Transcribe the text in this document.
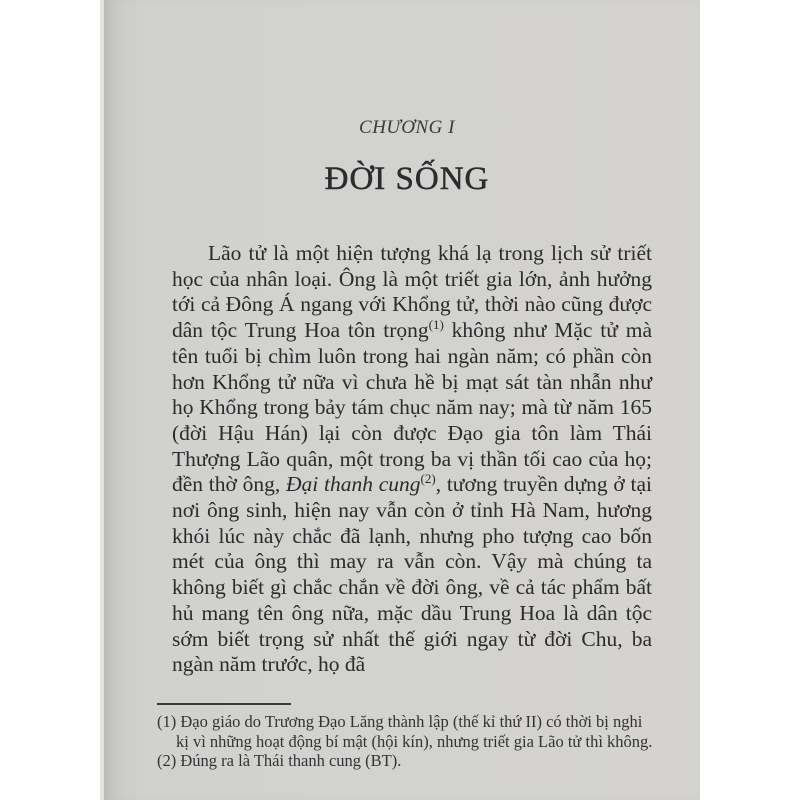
CHƯƠNG I
ĐỜI SỐNG

Lão tử là một hiện tượng khá lạ trong lịch sử triết học của nhân loại. Ông là một triết gia lớn, ảnh hưởng tới cả Đông Á ngang với Khổng tử, thời nào cũng được dân tộc Trung Hoa tôn trọng$^{(1)}$ không như Mặc tử mà tên tuổi bị chìm luôn trong hai ngàn năm; có phần còn hơn Khổng tử nữa vì chưa hề bị mạt sát tàn nhẫn như họ Khổng trong bảy tám chục năm nay; mà từ năm 165 (đời Hậu Hán) lại còn được Đạo gia tôn làm Thái Thượng Lão quân, một trong ba vị thần tối cao của họ; đền thờ ông, Đại thanh cung$^{(2)}$, tương truyền dựng ở tại nơi ông sinh, hiện nay vẫn còn ở tỉnh Hà Nam, hương khói lúc này chắc đã lạnh, nhưng pho tượng cao bốn mét của ông thì may ra vẫn còn. Vậy mà chúng ta không biết gì chắc chắn về đời ông, về cả tác phẩm bất hủ mang tên ông nữa, mặc dầu Trung Hoa là dân tộc sớm biết trọng sử nhất thế giới ngay từ đời Chu, ba ngàn năm trước, họ đã

(1) Đạo giáo do Trương Đạo Lăng thành lập (thế kỉ thứ II) có thời bị nghi kị vì những hoạt động bí mật (hội kín), nhưng triết gia Lão tử thì không.

(2) Đúng ra là Thái thanh cung (BT).
